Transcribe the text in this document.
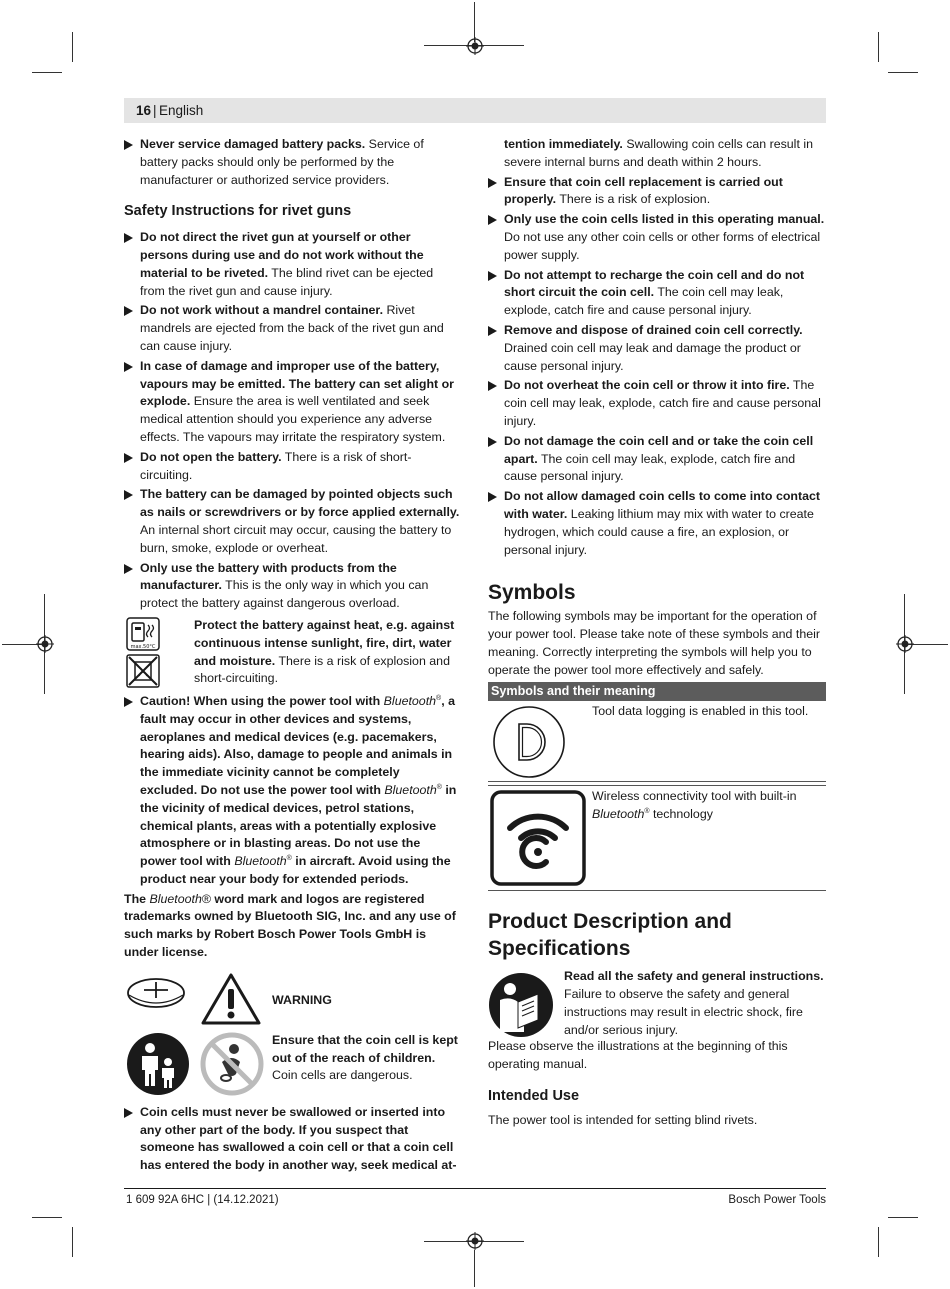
16 | English
Never service damaged battery packs. Service of battery packs should only be performed by the manufacturer or authorized service providers.
Safety Instructions for rivet guns
Do not direct the rivet gun at yourself or other persons during use and do not work without the material to be riveted. The blind rivet can be ejected from the rivet gun and cause injury.
Do not work without a mandrel container. Rivet mandrels are ejected from the back of the rivet gun and can cause injury.
In case of damage and improper use of the battery, vapours may be emitted. The battery can set alight or explode. Ensure the area is well ventilated and seek medical attention should you experience any adverse effects. The vapours may irritate the respiratory system.
Do not open the battery. There is a risk of short-circuiting.
The battery can be damaged by pointed objects such as nails or screwdrivers or by force applied externally. An internal short circuit may occur, causing the battery to burn, smoke, explode or overheat.
Only use the battery with products from the manufacturer. This is the only way in which you can protect the battery against dangerous overload.
max.50°C
Protect the battery against heat, e.g. against continuous intense sunlight, fire, dirt, water and moisture. There is a risk of explosion and short-circuiting.
Caution! When using the power tool with Bluetooth®, a fault may occur in other devices and systems, aeroplanes and medical devices (e.g. pacemakers, hearing aids). Also, damage to people and animals in the immediate vicinity cannot be completely excluded. Do not use the power tool with Bluetooth® in the vicinity of medical devices, petrol stations, chemical plants, areas with a potentially explosive atmosphere or in blasting areas. Do not use the power tool with Bluetooth® in aircraft. Avoid using the product near your body for extended periods.

The Bluetooth® word mark and logos are registered trademarks owned by Bluetooth SIG, Inc. and any use of such marks by Robert Bosch Power Tools GmbH is under license.

WARNING
Ensure that the coin cell is kept out of the reach of children. Coin cells are dangerous.
Coin cells must never be swallowed or inserted into any other part of the body. If you suspect that someone has swallowed a coin cell or that a coin cell has entered the body in another way, seek medical at-
tention immediately. Swallowing coin cells can result in severe internal burns and death within 2 hours.
Ensure that coin cell replacement is carried out properly. There is a risk of explosion.
Only use the coin cells listed in this operating manual. Do not use any other coin cells or other forms of electrical power supply.
Do not attempt to recharge the coin cell and do not short circuit the coin cell. The coin cell may leak, explode, catch fire and cause personal injury.
Remove and dispose of drained coin cell correctly. Drained coin cell may leak and damage the product or cause personal injury.
Do not overheat the coin cell or throw it into fire. The coin cell may leak, explode, catch fire and cause personal injury.
Do not damage the coin cell and or take the coin cell apart. The coin cell may leak, explode, catch fire and cause personal injury.
Do not allow damaged coin cells to come into contact with water. Leaking lithium may mix with water to create hydrogen, which could cause a fire, an explosion, or personal injury.
Symbols

The following symbols may be important for the operation of your power tool. Please take note of these symbols and their meaning. Correctly interpreting the symbols will help you to operate the power tool more effectively and safely.

Symbols and their meaning
Tool data logging is enabled in this tool.
Wireless connectivity tool with built-in Bluetooth® technology
Product Description and
Specifications
Read all the safety and general instructions. Failure to observe the safety and general instructions may result in electric shock, fire and/or serious injury.

Please observe the illustrations at the beginning of this operating manual.

Intended Use

The power tool is intended for setting blind rivets.

1 609 92A 6HC | (14.12.2021)	Bosch Power Tools
